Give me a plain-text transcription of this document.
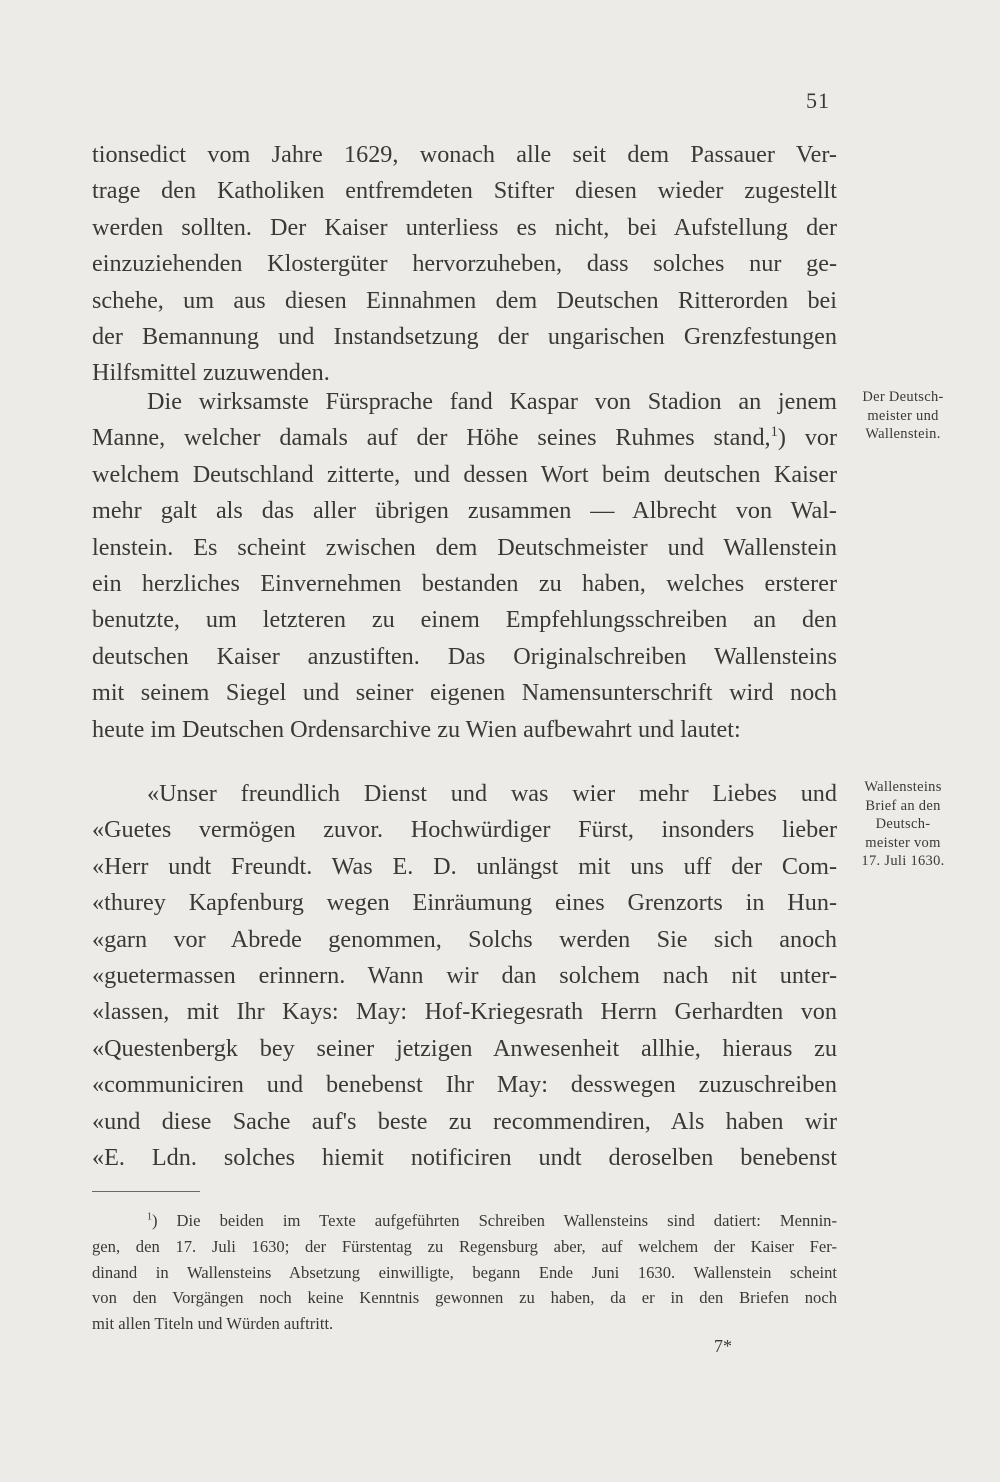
51
tionsedict vom Jahre 1629, wonach alle seit dem Passauer Ver-
trage den Katholiken entfremdeten Stifter diesen wieder zugestellt
werden sollten. Der Kaiser unterliess es nicht, bei Aufstellung der
einzuziehenden Klostergüter hervorzuheben, dass solches nur ge-
schehe, um aus diesen Einnahmen dem Deutschen Ritterorden bei
der Bemannung und Instandsetzung der ungarischen Grenzfestungen
Hilfsmittel zuzuwenden.
Die wirksamste Fürsprache fand Kaspar von Stadion an jenem
Manne, welcher damals auf der Höhe seines Ruhmes stand,$^1$) vor
welchem Deutschland zitterte, und dessen Wort beim deutschen Kaiser
mehr galt als das aller übrigen zusammen — Albrecht von Wal-
lenstein. Es scheint zwischen dem Deutschmeister und Wallenstein
ein herzliches Einvernehmen bestanden zu haben, welches ersterer
benutzte, um letzteren zu einem Empfehlungsschreiben an den
deutschen Kaiser anzustiften. Das Originalschreiben Wallensteins
mit seinem Siegel und seiner eigenen Namensunterschrift wird noch
heute im Deutschen Ordensarchive zu Wien aufbewahrt und lautet:
«Unser freundlich Dienst und was wier mehr Liebes und
«Guetes vermögen zuvor. Hochwürdiger Fürst, insonders lieber
«Herr undt Freundt. Was E. D. unlängst mit uns uff der Com-
«thurey Kapfenburg wegen Einräumung eines Grenzorts in Hun-
«garn vor Abrede genommen, Solchs werden Sie sich anoch
«guetermassen erinnern. Wann wir dan solchem nach nit unter-
«lassen, mit Ihr Kays: May: Hof-Kriegesrath Herrn Gerhardten von
«Questenbergk bey seiner jetzigen Anwesenheit allhie, hieraus zu
«communiciren und benebenst Ihr May: desswegen zuzuschreiben
«und diese Sache auf's beste zu recommendiren, Als haben wir
«E. Ldn. solches hiemit notificiren undt deroselben benebenst
Der Deutsch-
meister und
Wallenstein.
Wallensteins
Brief an den
Deutsch-
meister vom
17. Juli 1630.
$^1$) Die beiden im Texte aufgeführten Schreiben Wallensteins sind datiert: Mennin-
gen, den 17. Juli 1630; der Fürstentag zu Regensburg aber, auf welchem der Kaiser Fer-
dinand in Wallensteins Absetzung einwilligte, begann Ende Juni 1630. Wallenstein scheint
von den Vorgängen noch keine Kenntnis gewonnen zu haben, da er in den Briefen noch
mit allen Titeln und Würden auftritt.
7*
